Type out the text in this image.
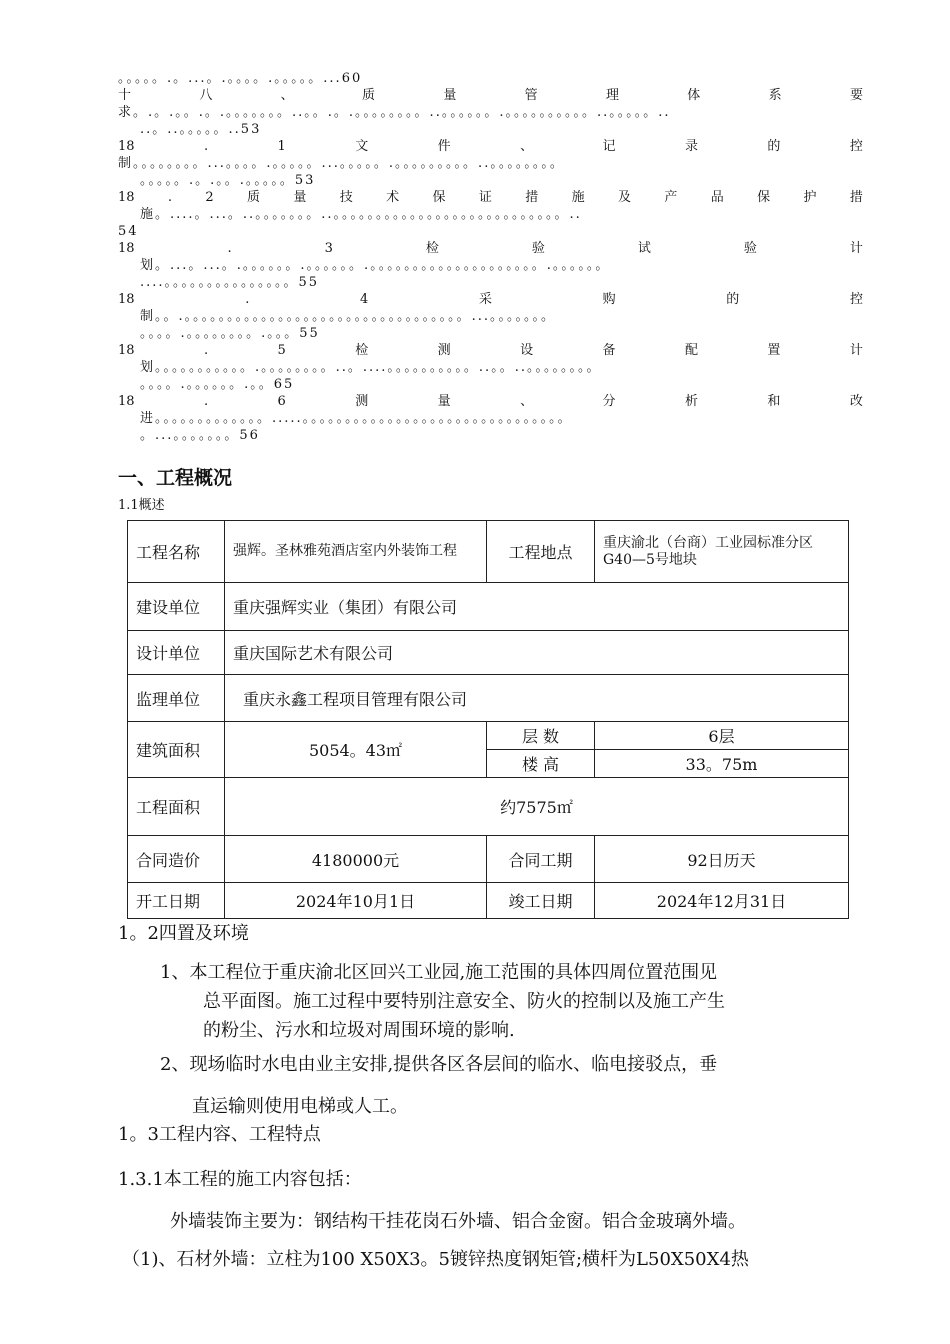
。。。。。.。...。.。。。。.。。。。。...60
十	八	、	质	量	管	理	体	系	要
求。.。.。。.。.。。。。。。。..。。.。.。。。。。。。。..。。。。。。.。。。。。。。。。。..。。。。。..
..。..。。。。。..53
18	.	1	文	件	、	记	录	的	控
制。。。。。。。。...。。。。.。。。。。...。。。。。.。。。。。。。。。..。。。。。。。。
。。。。。.。.。。.。。。。。53
18	.	2	质	量	技	术	保	证	措	施	及	产	品	保	护	措
施。....。...。..。。。。。。。..。。。。。。。。。。。。。。。。。。。。。。。。。。。..
54
18	.	3	检	验	试	验	计
划。...。...。.。。。。。。.。。。。。。.。。。。。。。。。。。。。。。。。。。。.。。。。。。
....。。。。。。。。。。。。。。。55
18	.	4	采	购	的	控
制。。.。。。。。。。。。。。。。。。。。。。。。。。。。。。。。。。。。...。。。。。。。
。。。。.。。。。。。。。.。。。55
18	.	5	检	测	设	备	配	置	计
划。。。。。。。。。。。.。。。。。。。。..。....。。。。。。。。。。..。。..。。。。。。。。
。。。。.。。。。。。.。。65
18	.	6	测	量	、	分	析	和	改
进。。。。。。。。。。。。。.....。。。。。。。。。。。。。。。。。。。。。。。。。。。。。。。
。...。。。。。。。56
一、工程概况
1.1概述
工程名称	强辉。圣林雅苑酒店室内外装饰工程	工程地点	重庆渝北（台商）工业园标准分区G40—5号地块
建设单位	重庆强辉实业（集团）有限公司		
设计单位	重庆国际艺术有限公司		
监理单位	重庆永鑫工程项目管理有限公司		
建筑面积	5054。43㎡	层 数	6层
		楼 高	33。75m
工程面积	约7575㎡		
合同造价	4180000元	合同工期	92日历天
开工日期	2024年10月1日	竣工日期	2024年12月31日
1。2四置及环境
1、本工程位于重庆渝北区回兴工业园,施工范围的具体四周位置范围见
总平面图。施工过程中要特别注意安全、防火的控制以及施工产生
的粉尘、污水和垃圾对周围环境的影响.
2、现场临时水电由业主安排,提供各区各层间的临水、临电接驳点，垂
直运输则使用电梯或人工。
1。3工程内容、工程特点
1.3.1本工程的施工内容包括：
外墙装饰主要为：钢结构干挂花岗石外墙、铝合金窗。铝合金玻璃外墙。
（1)、石材外墙：立柱为100 X50X3。5镀锌热度钢矩管;横杆为L50X50X4热
